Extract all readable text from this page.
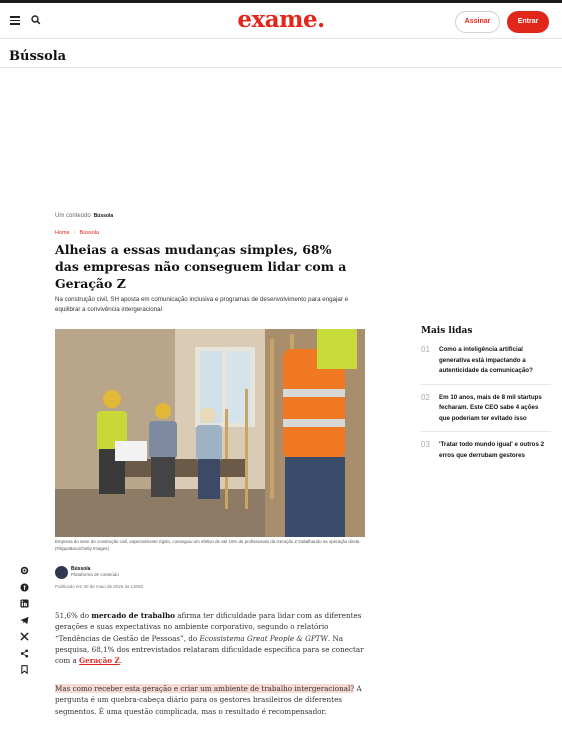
exame.	Assinar	Entrar
Bússola
Um conteúdo Bússola
Home › Bússola
Alheias a essas mudanças simples, 68% das empresas não conseguem lidar com a Geração Z

Na construção civil, SH aposta em comunicação inclusiva e programas de desenvolvimento para engajar e equilibrar a convivência intergeracional

Empresa do setor de construção civil, especialmente rígido, conseguiu um efetivo de até 15% de profissionais da Geração Z trabalhando na operação direta (FilippoBacci/Getty Images)

f
Bússola
Plataforma de conteúdo
Publicado em 30 de maio de 2025 às 13h50.

51,6% do mercado de trabalho afirma ter dificuldade para lidar com as diferentes gerações e suas expectativas no ambiente corporativo, segundo o relatório “Tendências de Gestão de Pessoas”, do Ecossistema Great People & GPTW. Na pesquisa, 68,1% dos entrevistados relataram dificuldade específica para se conectar com a Geração Z.

Mas como receber esta geração e criar um ambiente de trabalho intergeracional? A pergunta é um quebra-cabeça diário para os gestores brasileiros de diferentes segmentos. É uma questão complicada, mas o resultado é recompensador.

Mais lidas
01 Como a inteligência artificial generativa está impactando a autenticidade da comunicação?
02 Em 10 anos, mais de 8 mil startups fecharam. Este CEO sabe 4 ações que poderiam ter evitado isso
03 'Tratar todo mundo igual' e outros 2 erros que derrubam gestores
